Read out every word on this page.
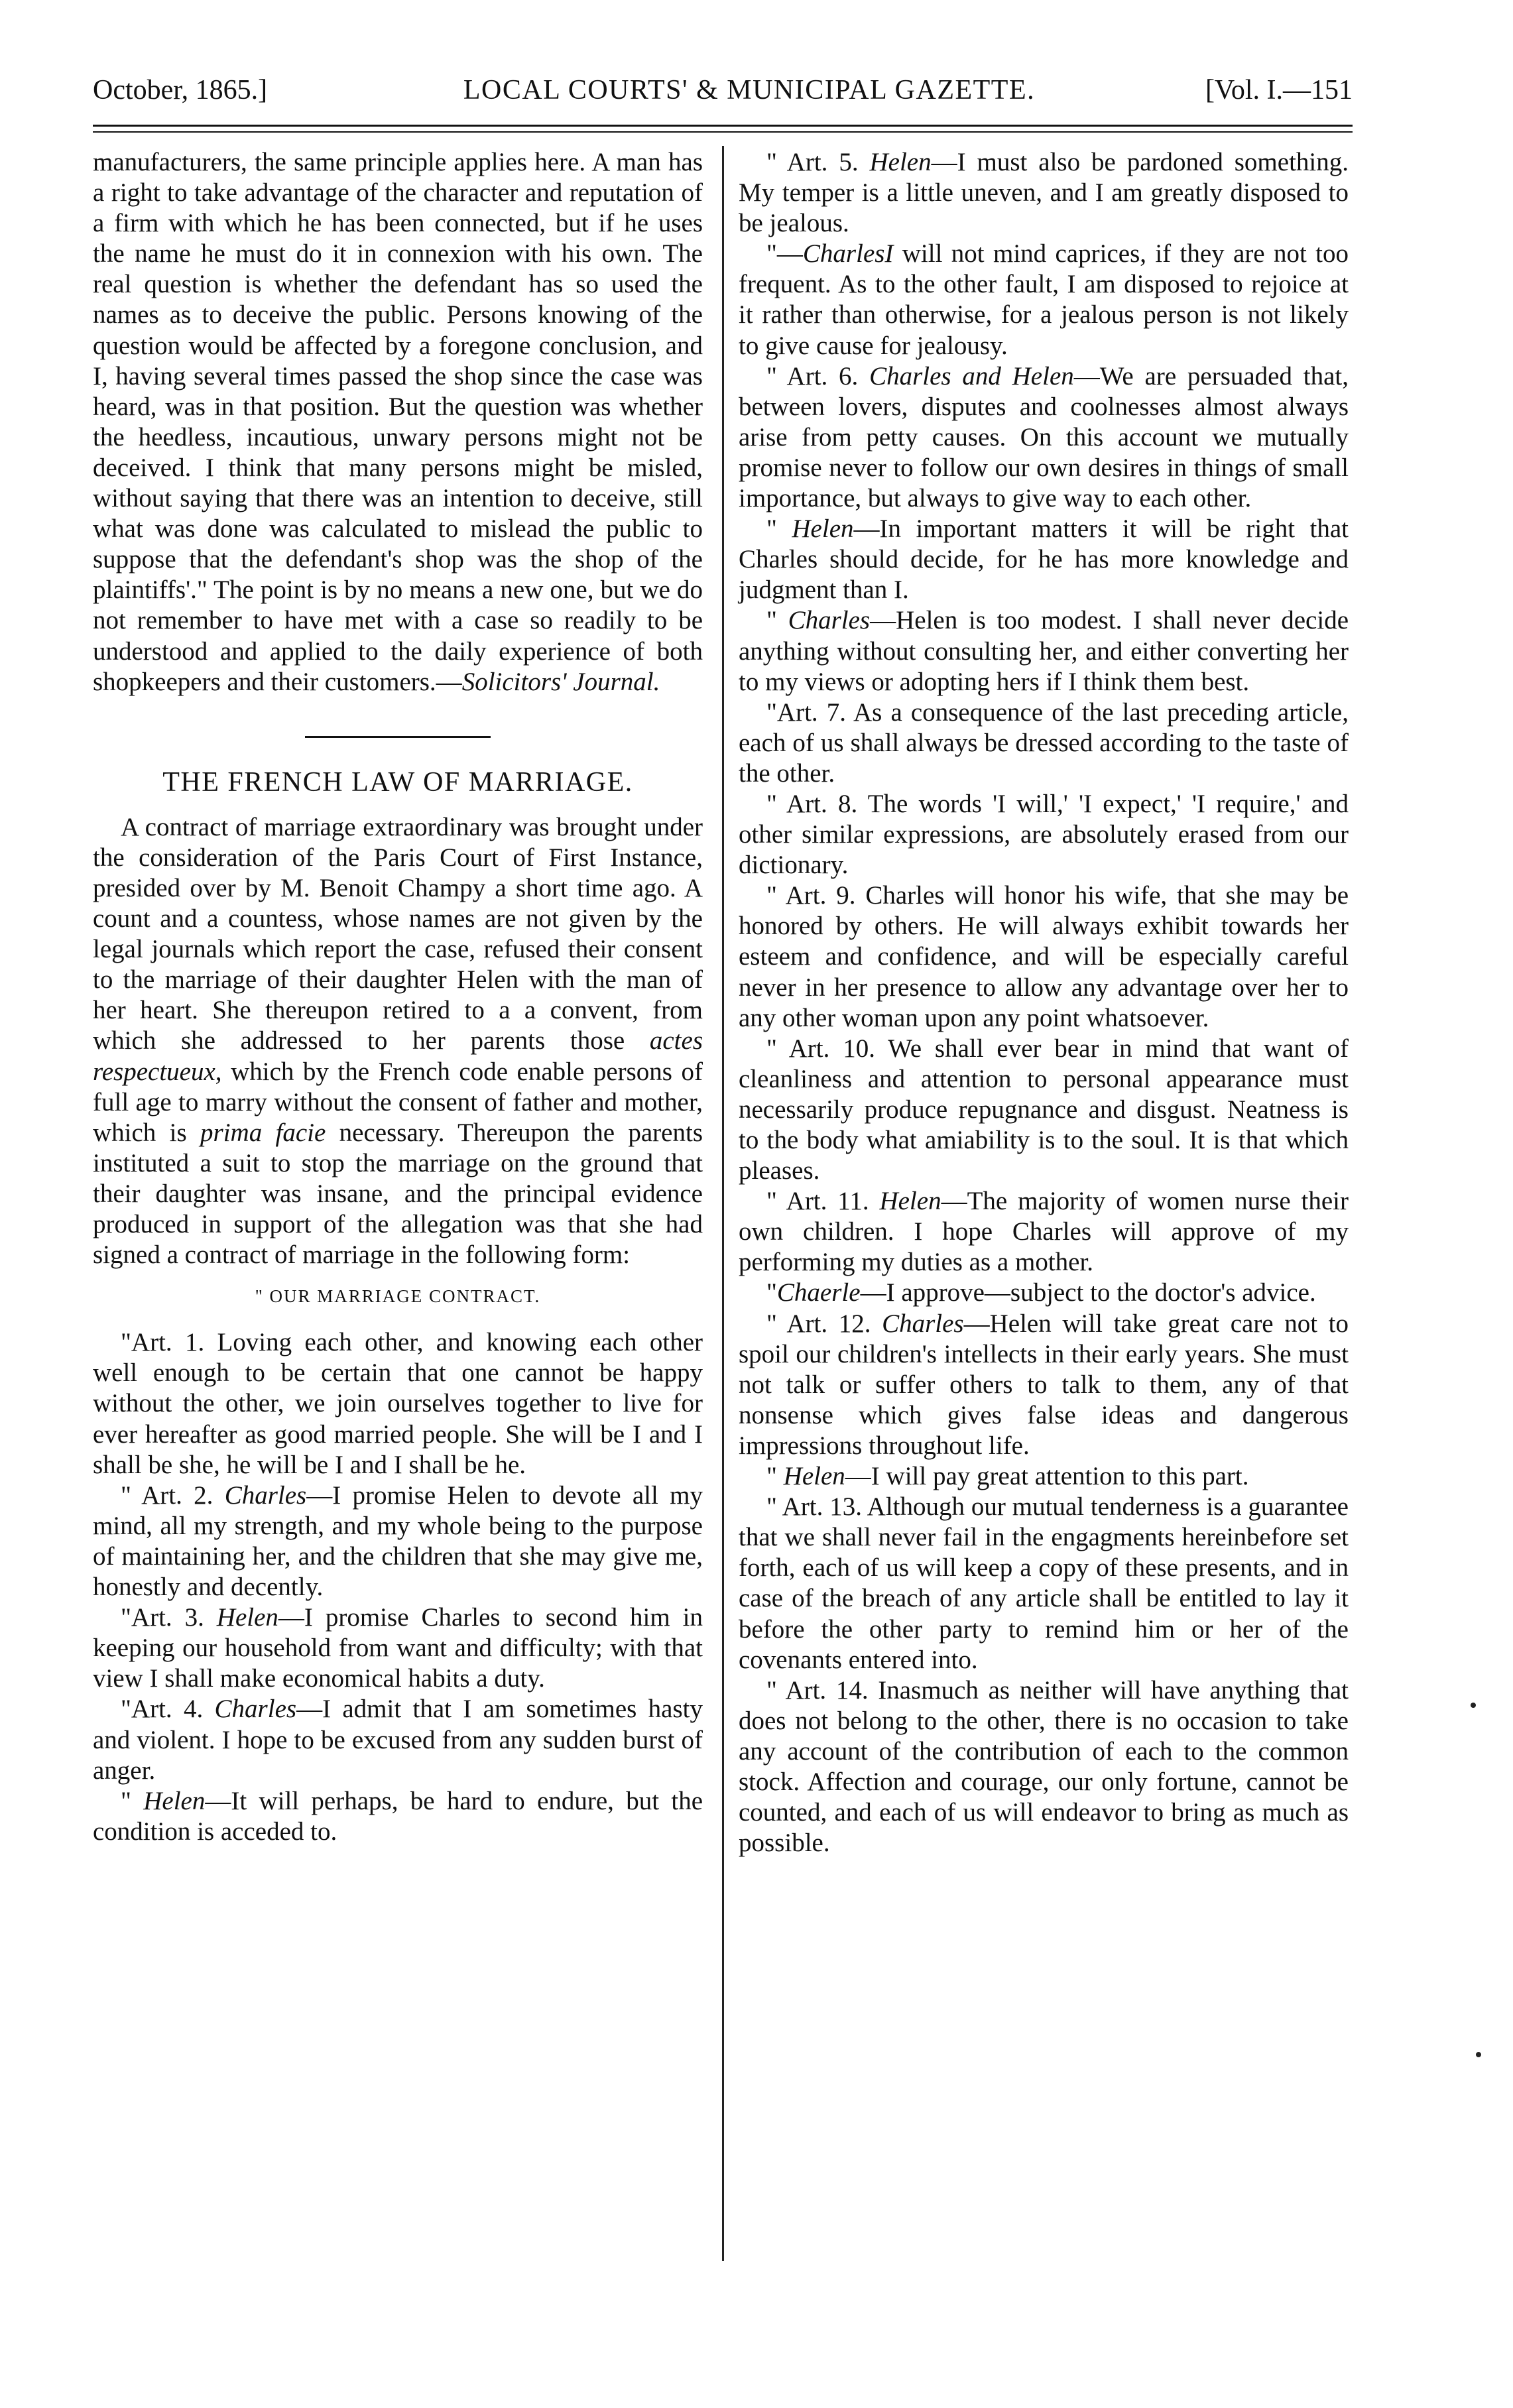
October, 1865.]	LOCAL COURTS' & MUNICIPAL GAZETTE.	[Vol. I.—151

manufacturers, the same principle applies here. A man has a right to take advantage of the character and reputation of a firm with which he has been connected, but if he uses the name he must do it in connexion with his own. The real question is whether the defendant has so used the names as to deceive the public. Persons knowing of the question would be affected by a foregone conclusion, and I, having several times passed the shop since the case was heard, was in that position. But the question was whether the heedless, incautious, unwary persons might not be deceived. I think that many persons might be misled, without saying that there was an intention to deceive, still what was done was calculated to mislead the public to suppose that the defendant's shop was the shop of the plaintiffs'." The point is by no means a new one, but we do not remember to have met with a case so readily to be understood and applied to the daily experience of both shopkeepers and their customers.—Solicitors' Journal.

THE FRENCH LAW OF MARRIAGE.

A contract of marriage extraordinary was brought under the consideration of the Paris Court of First Instance, presided over by M. Benoit Champy a short time ago. A count and a countess, whose names are not given by the legal journals which report the case, refused their consent to the marriage of their daughter Helen with the man of her heart. She thereupon retired to a a convent, from which she addressed to her parents those actes respectueux, which by the French code enable persons of full age to marry without the consent of father and mother, which is prima facie necessary. Thereupon the parents instituted a suit to stop the marriage on the ground that their daughter was insane, and the principal evidence produced in support of the allegation was that she had signed a contract of marriage in the following form:

" OUR MARRIAGE CONTRACT.

"Art. 1. Loving each other, and knowing each other well enough to be certain that one cannot be happy without the other, we join ourselves together to live for ever hereafter as good married people. She will be I and I shall be she, he will be I and I shall be he.

" Art. 2. Charles—I promise Helen to devote all my mind, all my strength, and my whole being to the purpose of maintaining her, and the children that she may give me, honestly and decently.

"Art. 3. Helen—I promise Charles to second him in keeping our household from want and difficulty; with that view I shall make economical habits a duty.

"Art. 4. Charles—I admit that I am sometimes hasty and violent. I hope to be excused from any sudden burst of anger.

" Helen—It will perhaps, be hard to endure, but the condition is acceded to.

" Art. 5. Helen—I must also be pardoned something. My temper is a little uneven, and I am greatly disposed to be jealous.

"—CharlesI will not mind caprices, if they are not too frequent. As to the other fault, I am disposed to rejoice at it rather than otherwise, for a jealous person is not likely to give cause for jealousy.

" Art. 6. Charles and Helen—We are persuaded that, between lovers, disputes and coolnesses almost always arise from petty causes. On this account we mutually promise never to follow our own desires in things of small importance, but always to give way to each other.

" Helen—In important matters it will be right that Charles should decide, for he has more knowledge and judgment than I.

" Charles—Helen is too modest. I shall never decide anything without consulting her, and either converting her to my views or adopting hers if I think them best.

"Art. 7. As a consequence of the last preceding article, each of us shall always be dressed according to the taste of the other.

" Art. 8. The words 'I will,' 'I expect,' 'I require,' and other similar expressions, are absolutely erased from our dictionary.

" Art. 9. Charles will honor his wife, that she may be honored by others. He will always exhibit towards her esteem and confidence, and will be especially careful never in her presence to allow any advantage over her to any other woman upon any point whatsoever.

" Art. 10. We shall ever bear in mind that want of cleanliness and attention to personal appearance must necessarily produce repugnance and disgust. Neatness is to the body what amiability is to the soul. It is that which pleases.

" Art. 11. Helen—The majority of women nurse their own children. I hope Charles will approve of my performing my duties as a mother.

"Chaerle—I approve—subject to the doctor's advice.

" Art. 12. Charles—Helen will take great care not to spoil our children's intellects in their early years. She must not talk or suffer others to talk to them, any of that nonsense which gives false ideas and dangerous impressions throughout life.

" Helen—I will pay great attention to this part.

" Art. 13. Although our mutual tenderness is a guarantee that we shall never fail in the engagments hereinbefore set forth, each of us will keep a copy of these presents, and in case of the breach of any article shall be entitled to lay it before the other party to remind him or her of the covenants entered into.

" Art. 14. Inasmuch as neither will have anything that does not belong to the other, there is no occasion to take any account of the contribution of each to the common stock. Affection and courage, our only fortune, cannot be counted, and each of us will endeavor to bring as much as possible.
